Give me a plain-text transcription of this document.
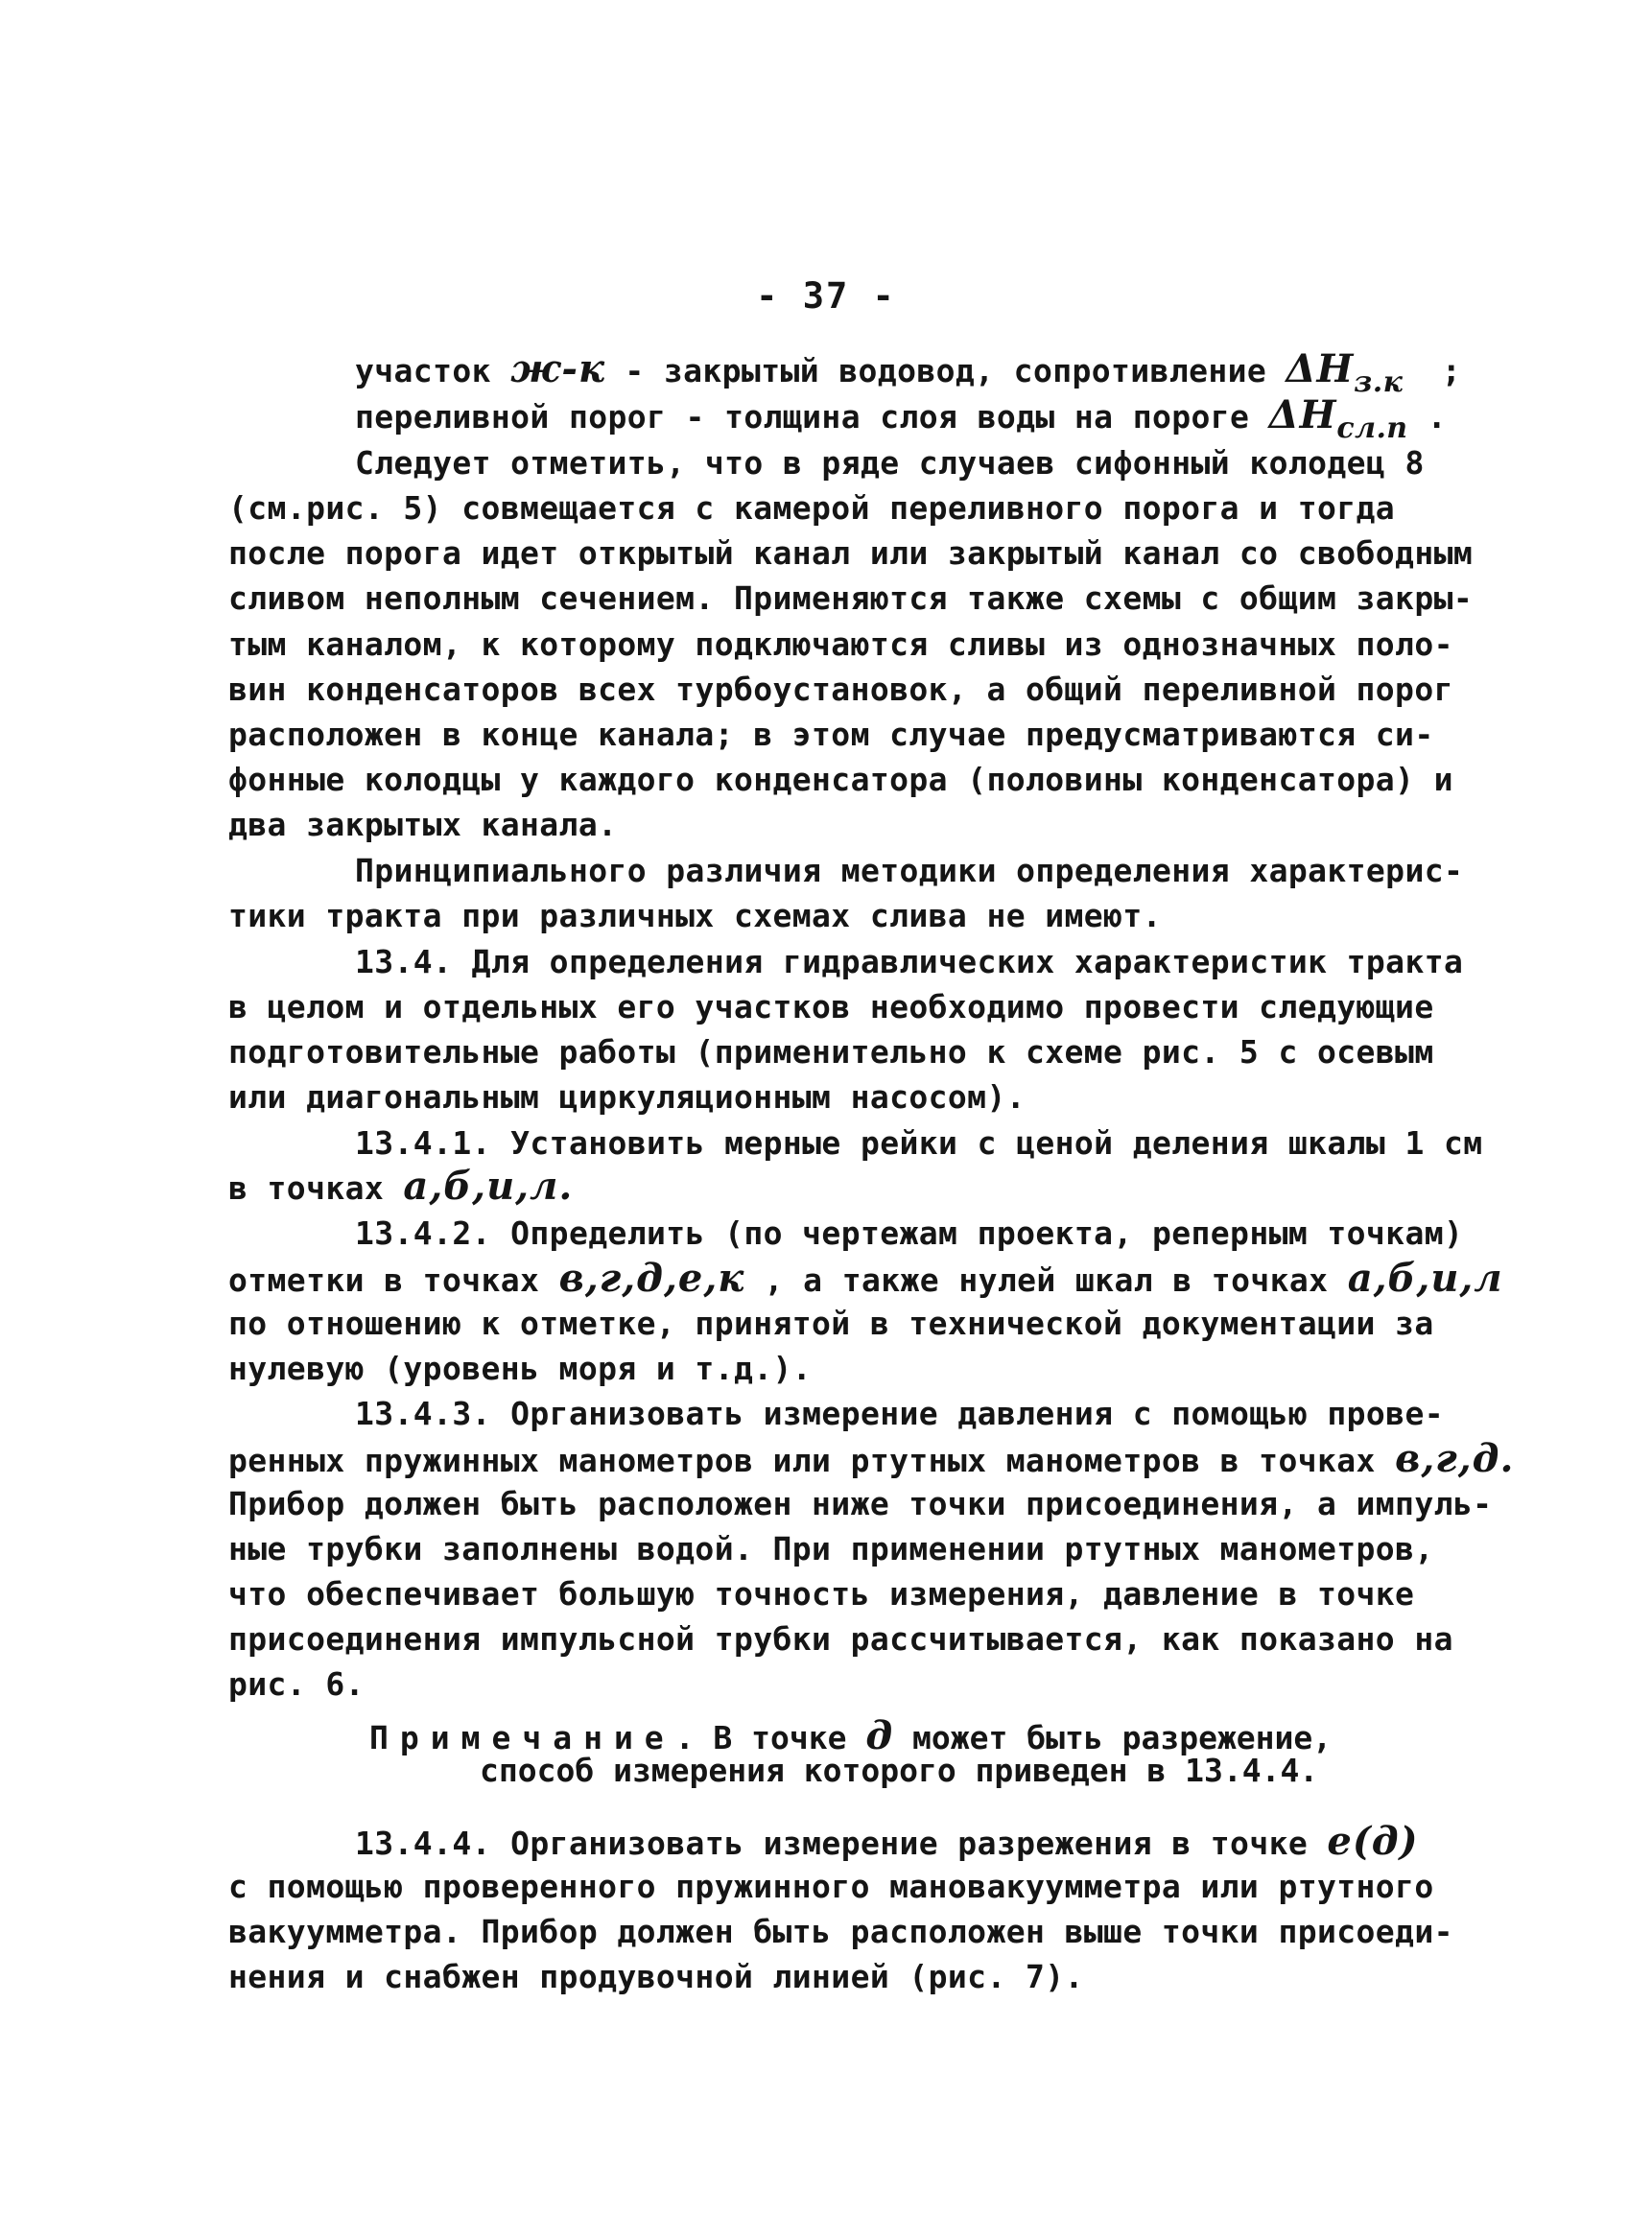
- 37 -
участок ж-к - закрытый водовод, сопротивление ΔHз.к  ;
переливной порог - толщина слоя воды на пороге ΔHсл.п .
Следует отметить, что в ряде случаев сифонный колодец 8
(см.рис. 5) совмещается с камерой переливного порога и тогда
после порога идет открытый канал или закрытый канал со свободным
сливом неполным сечением. Применяются также схемы с общим закры-
тым каналом, к которому подключаются сливы из однозначных поло-
вин конденсаторов всех турбоустановок, а общий переливной порог
расположен в конце канала; в этом случае предусматриваются си-
фонные колодцы у каждого конденсатора (половины конденсатора) и
два закрытых канала.
Принципиального различия методики определения характерис-
тики тракта при различных схемах слива не имеют.
13.4. Для определения гидравлических характеристик тракта
в целом и отдельных его участков необходимо провести следующие
подготовительные работы (применительно к схеме рис. 5 с осевым
или диагональным циркуляционным насосом).
13.4.1. Установить мерные рейки с ценой деления шкалы 1 см
в точках а,б,и,л.
13.4.2. Определить (по чертежам проекта, реперным точкам)
отметки в точках в,г,д,е,к , а также нулей шкал в точках а,б,и,л
по отношению к отметке, принятой в технической документации за
нулевую (уровень моря и т.д.).
13.4.3. Организовать измерение давления с помощью прове-
ренных пружинных манометров или ртутных манометров в точках в,г,д.
Прибор должен быть расположен ниже точки присоединения, а импуль-
ные трубки заполнены водой. При применении ртутных манометров,
что обеспечивает большую точность измерения, давление в точке
присоединения импульсной трубки рассчитывается, как показано на
рис. 6.
Примечание. В точке д может быть разрежение,
способ измерения которого приведен в 13.4.4.
13.4.4. Организовать измерение разрежения в точке е(д)
с помощью проверенного пружинного мановакуумметра или ртутного
вакуумметра. Прибор должен быть расположен выше точки присоеди-
нения и снабжен продувочной линией (рис. 7).
